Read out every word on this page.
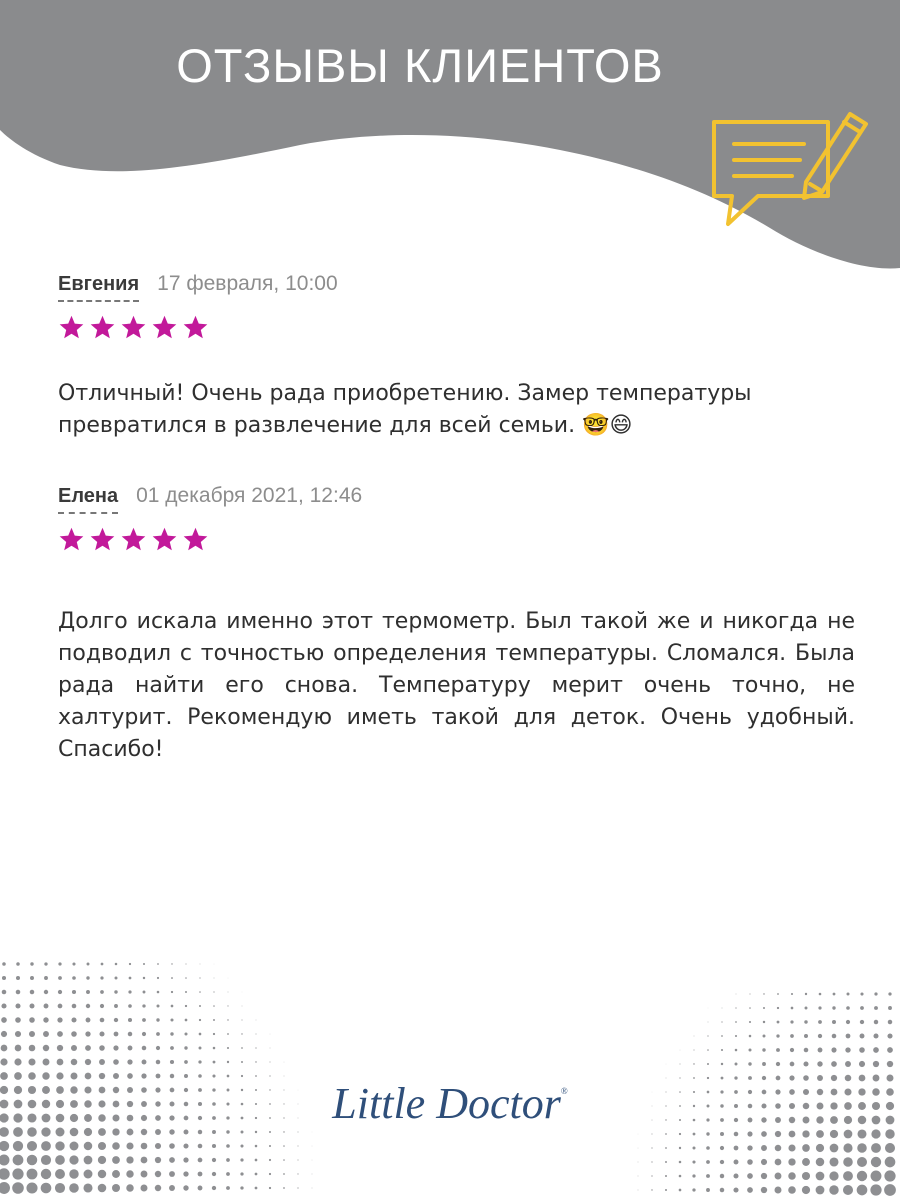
ОТЗЫВЫ КЛИЕНТОВ
Евгения 17 февраля, 10:00

Отличный! Очень рада приобретению. Замер температуры превратился в развлечение для всей семьи. 🤓😄

Елена 01 декабря 2021, 12:46

Долго искала именно этот термометр. Был такой же и никогда не подводил с точностью определения температуры. Сломался. Была рада найти его снова. Температуру мерит очень точно, не халтурит. Рекомендую иметь такой для деток. Очень удобный. Спасибо!

Little Doctor®
